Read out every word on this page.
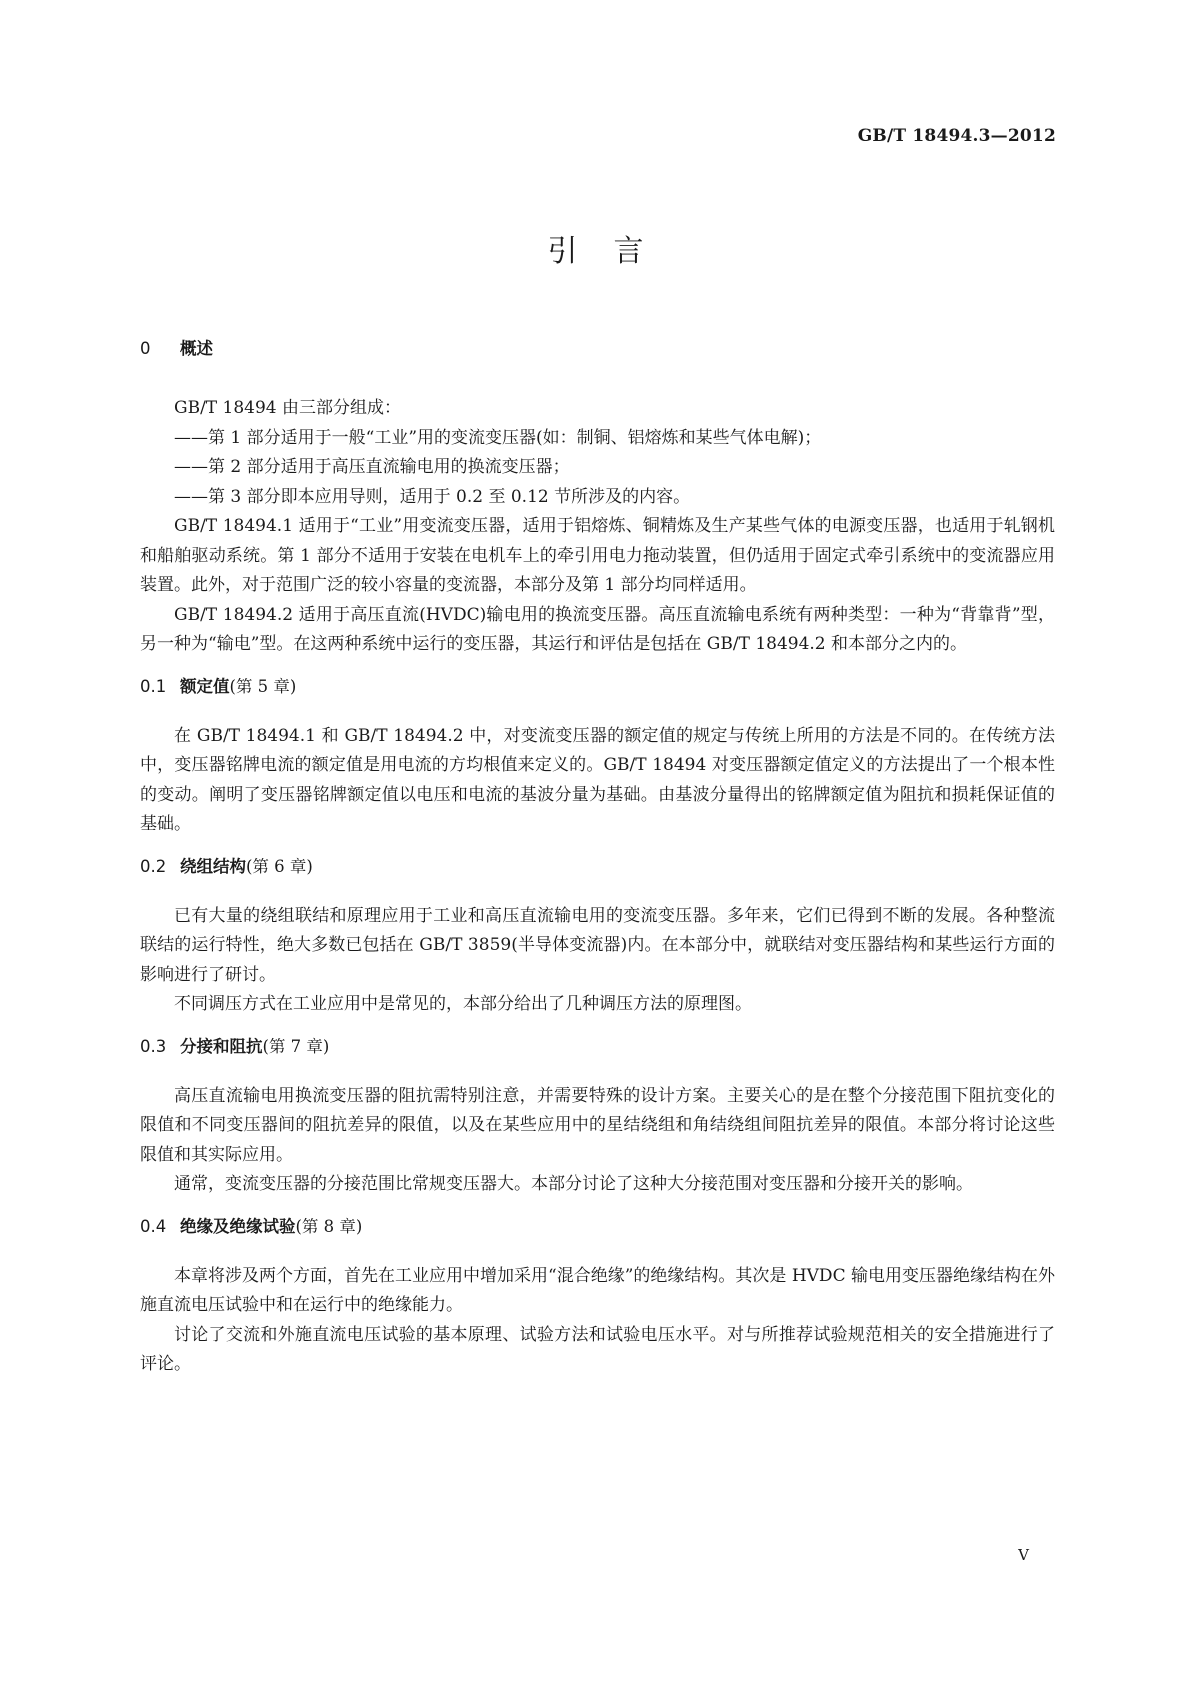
GB/T 18494.3—2012
引言
0 概述

GB/T 18494 由三部分组成：

——第 1 部分适用于一般“工业”用的变流变压器(如：制铜、铝熔炼和某些气体电解)；

——第 2 部分适用于高压直流输电用的换流变压器；

——第 3 部分即本应用导则，适用于 0.2 至 0.12 节所涉及的内容。

GB/T 18494.1 适用于“工业”用变流变压器，适用于铝熔炼、铜精炼及生产某些气体的电源变压器，也适用于轧钢机和船舶驱动系统。第 1 部分不适用于安装在电机车上的牵引用电力拖动装置，但仍适用于固定式牵引系统中的变流器应用装置。此外，对于范围广泛的较小容量的变流器，本部分及第 1 部分均同样适用。

GB/T 18494.2 适用于高压直流(HVDC)输电用的换流变压器。高压直流输电系统有两种类型：一种为“背靠背”型，另一种为“输电”型。在这两种系统中运行的变压器，其运行和评估是包括在 GB/T 18494.2 和本部分之内的。

0.1 额定值(第 5 章)

在 GB/T 18494.1 和 GB/T 18494.2 中，对变流变压器的额定值的规定与传统上所用的方法是不同的。在传统方法中，变压器铭牌电流的额定值是用电流的方均根值来定义的。GB/T 18494 对变压器额定值定义的方法提出了一个根本性的变动。阐明了变压器铭牌额定值以电压和电流的基波分量为基础。由基波分量得出的铭牌额定值为阻抗和损耗保证值的基础。

0.2 绕组结构(第 6 章)

已有大量的绕组联结和原理应用于工业和高压直流输电用的变流变压器。多年来，它们已得到不断的发展。各种整流联结的运行特性，绝大多数已包括在 GB/T 3859(半导体变流器)内。在本部分中，就联结对变压器结构和某些运行方面的影响进行了研讨。

不同调压方式在工业应用中是常见的，本部分给出了几种调压方法的原理图。

0.3 分接和阻抗(第 7 章)

高压直流输电用换流变压器的阻抗需特别注意，并需要特殊的设计方案。主要关心的是在整个分接范围下阻抗变化的限值和不同变压器间的阻抗差异的限值，以及在某些应用中的星结绕组和角结绕组间阻抗差异的限值。本部分将讨论这些限值和其实际应用。

通常，变流变压器的分接范围比常规变压器大。本部分讨论了这种大分接范围对变压器和分接开关的影响。

0.4 绝缘及绝缘试验(第 8 章)

本章将涉及两个方面，首先在工业应用中增加采用“混合绝缘”的绝缘结构。其次是 HVDC 输电用变压器绝缘结构在外施直流电压试验中和在运行中的绝缘能力。

讨论了交流和外施直流电压试验的基本原理、试验方法和试验电压水平。对与所推荐试验规范相关的安全措施进行了评论。

V
